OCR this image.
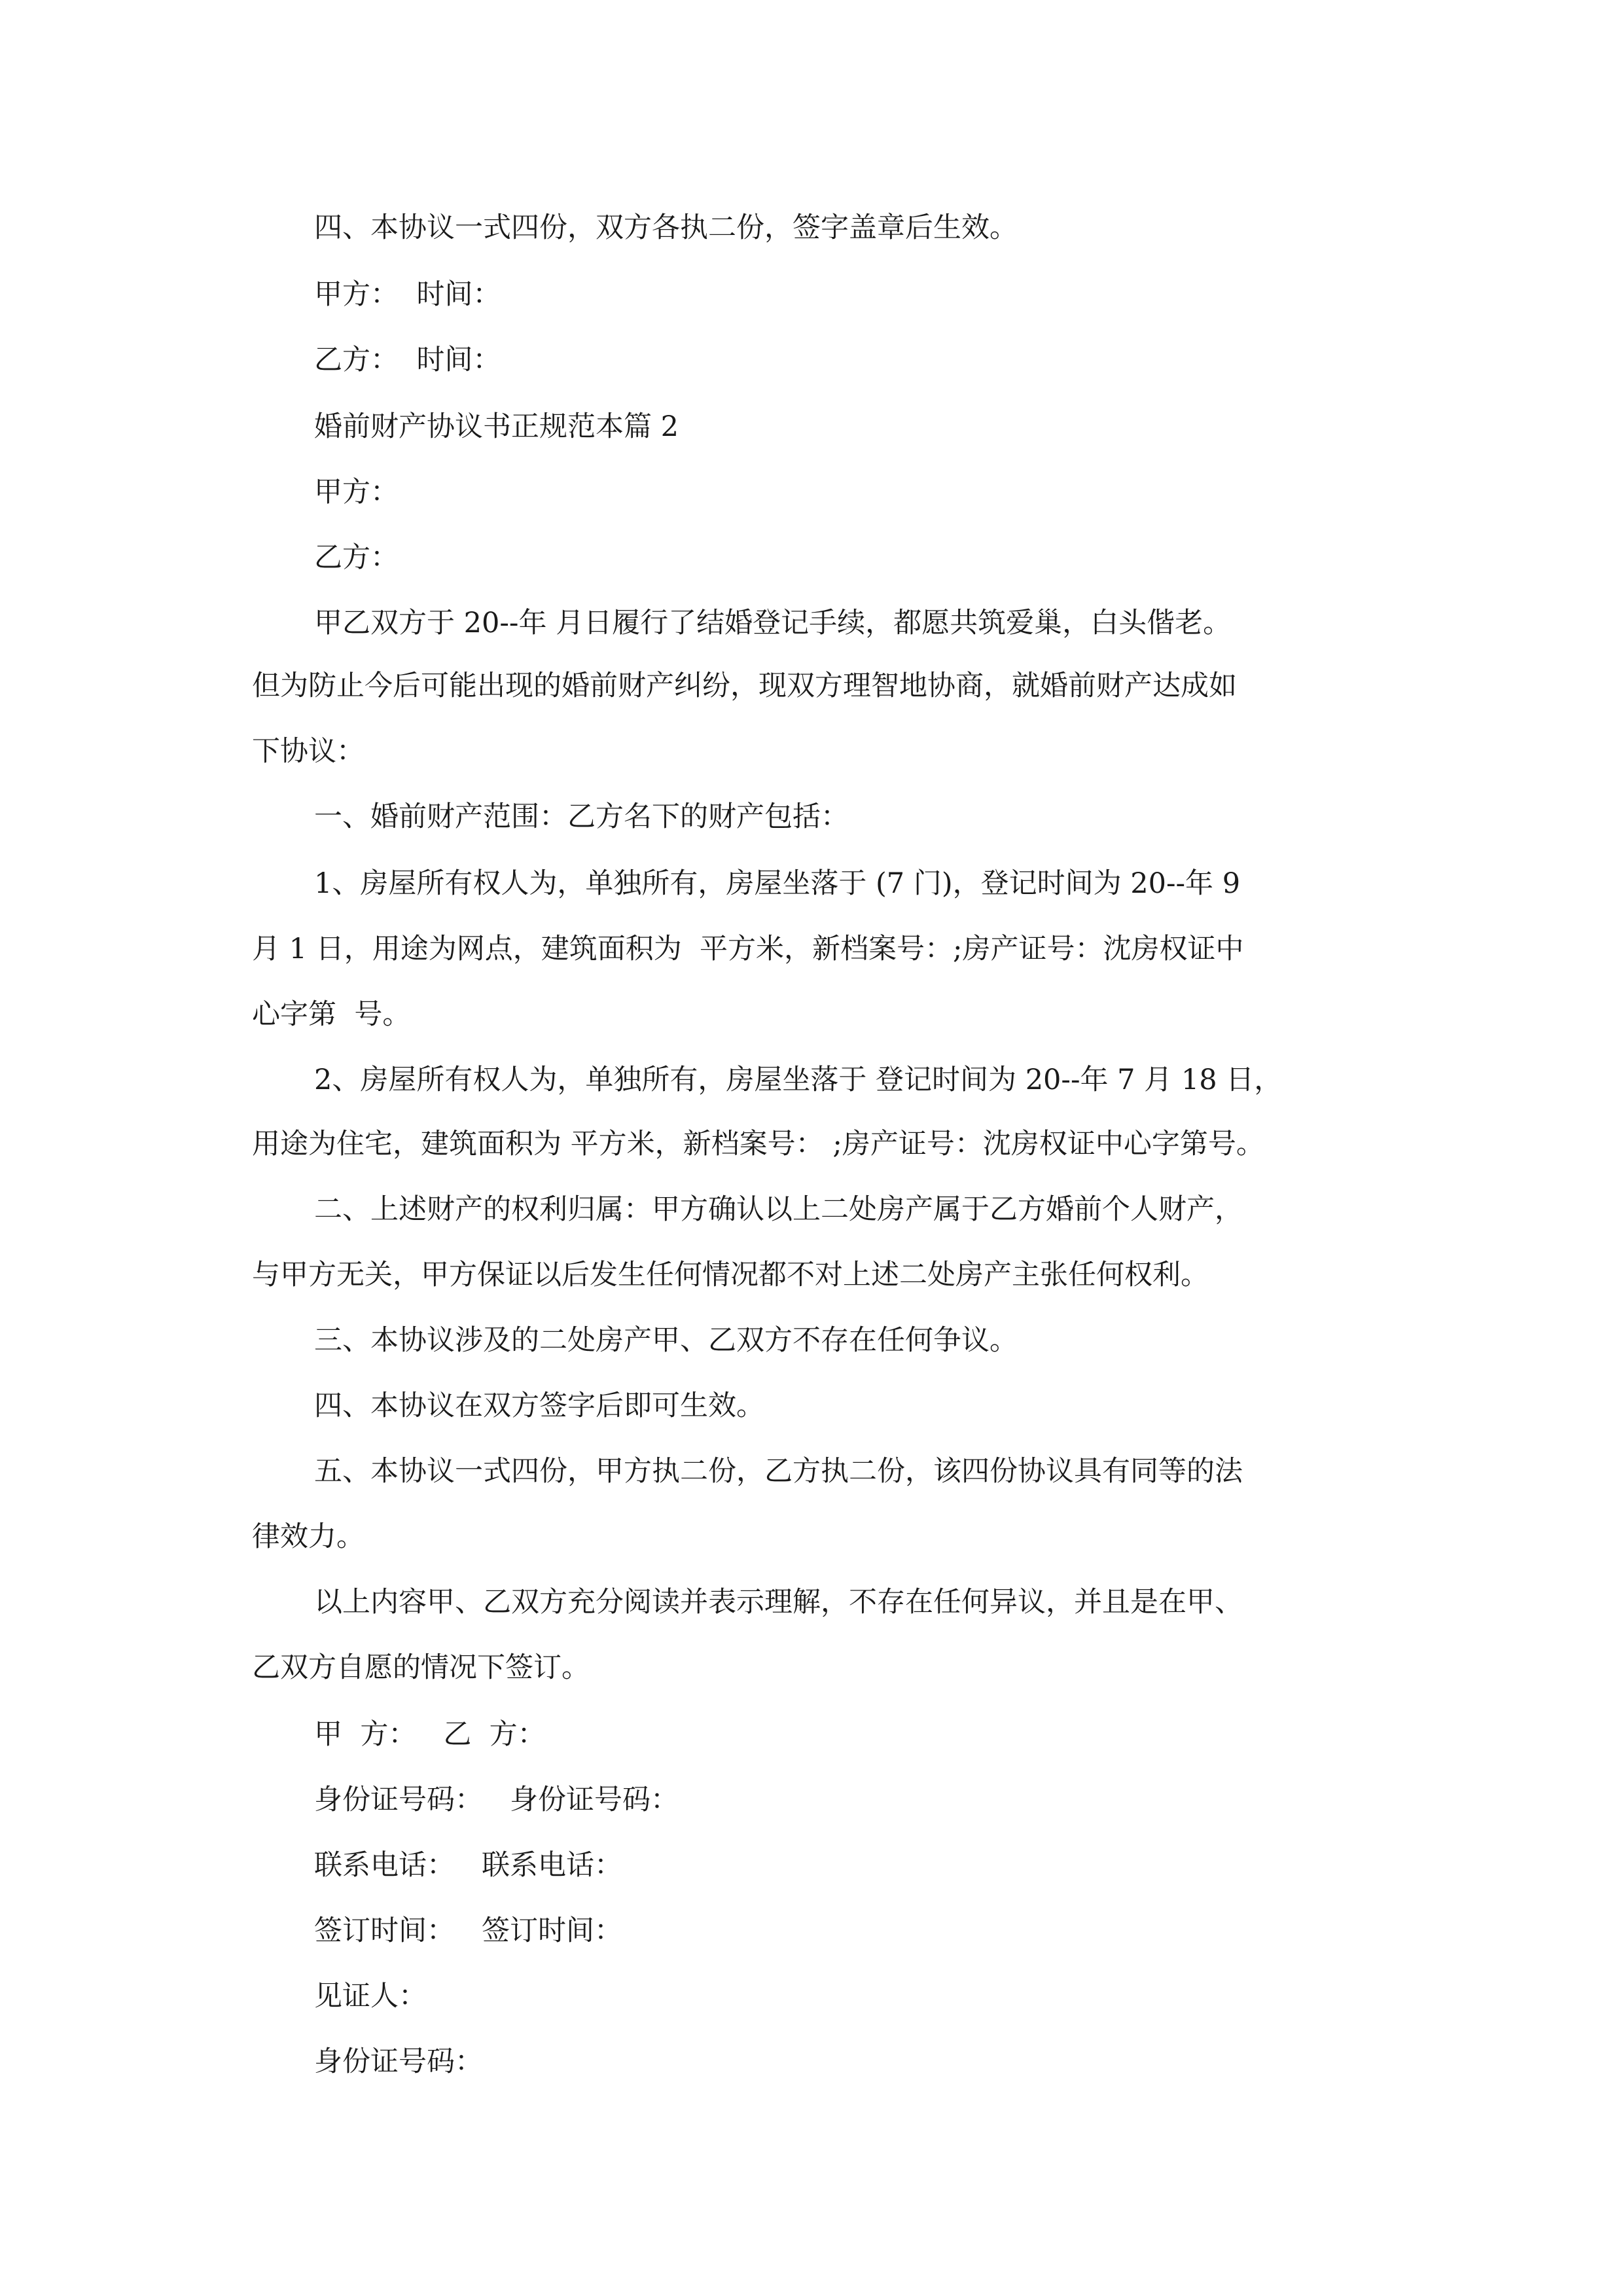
四、本协议一式四份，双方各执二份，签字盖章后生效。
甲方：  时间：
乙方：  时间：
婚前财产协议书正规范本篇 2
甲方：
乙方：
甲乙双方于 20--年 月日履行了结婚登记手续，都愿共筑爱巢，白头偕老。
但为防止今后可能出现的婚前财产纠纷，现双方理智地协商，就婚前财产达成如
下协议：
一、婚前财产范围：乙方名下的财产包括：
1、房屋所有权人为，单独所有，房屋坐落于 (7 门)，登记时间为 20--年 9
月 1 日，用途为网点，建筑面积为  平方米，新档案号：;房产证号：沈房权证中
心字第  号。
2、房屋所有权人为，单独所有，房屋坐落于 登记时间为 20--年 7 月 18 日，
用途为住宅，建筑面积为 平方米，新档案号： ;房产证号：沈房权证中心字第号。
二、上述财产的权利归属：甲方确认以上二处房产属于乙方婚前个人财产，
与甲方无关，甲方保证以后发生任何情况都不对上述二处房产主张任何权利。
三、本协议涉及的二处房产甲、乙双方不存在任何争议。
四、本协议在双方签字后即可生效。
五、本协议一式四份，甲方执二份，乙方执二份，该四份协议具有同等的法
律效力。
以上内容甲、乙双方充分阅读并表示理解，不存在任何异议，并且是在甲、
乙双方自愿的情况下签订。
甲  方：   乙  方：
身份证号码：   身份证号码：
联系电话：   联系电话：
签订时间：   签订时间：
见证人：
身份证号码：
